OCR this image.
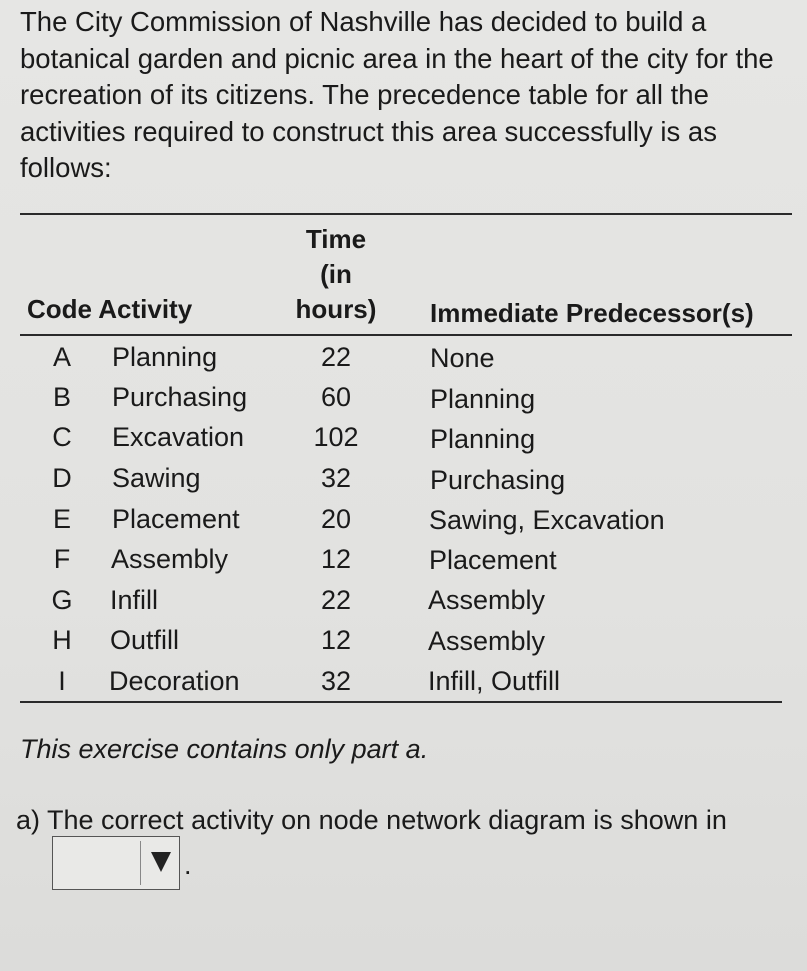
The City Commission of Nashville has decided to build a botanical garden and picnic area in the heart of the city for the recreation of its citizens. The precedence table for all the activities required to construct this area successfully is as follows:
Code Activity
Time
(in
hours)	Immediate Predecessor(s)
A	Planning	22	None
B	Purchasing	60	Planning
C	Excavation	102	Planning
D	Sawing	32	Purchasing
E	Placement	20	Sawing, Excavation
F	Assembly	12	Placement
G	Infill	22	Assembly
H	Outfill	12	Assembly
I	Decoration	32	Infill, Outfill
This exercise contains only part a.
a) The correct activity on node network diagram is shown in
.
